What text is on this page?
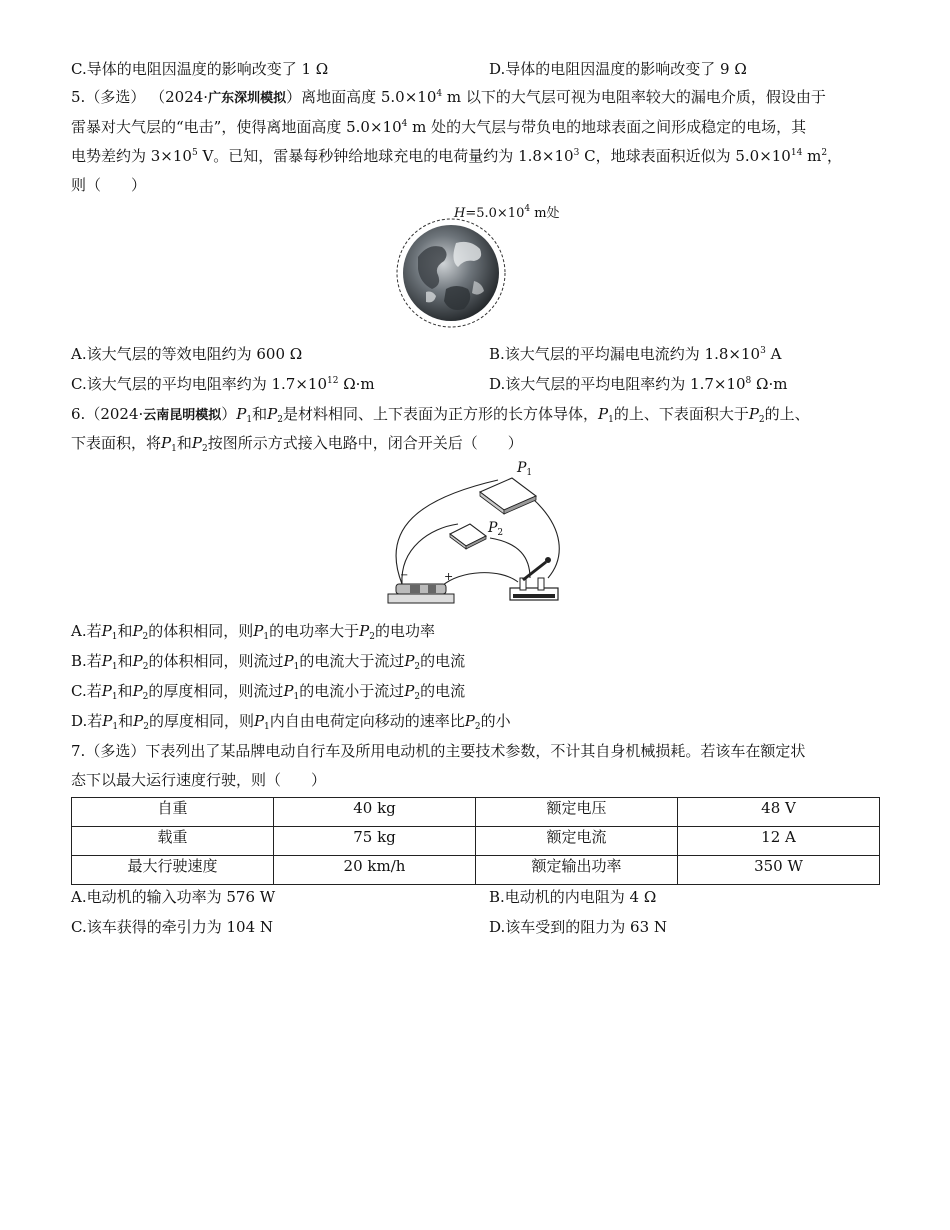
C.导体的电阻因温度的影响改变了 1 Ω	D.导体的电阻因温度的影响改变了 9 Ω
5.（多选） （2024·广东深圳模拟）离地面高度 $5.0\times 10^4$ m 以下的大气层可视为电阻率较大的漏电介质，假设由于
雷暴对大气层的“电击”，使得离地面高度 $5.0\times 10^4$ m 处的大气层与带负电的地球表面之间形成稳定的电场，其
电势差约为 $3\times 10^5$ V。已知，雷暴每秒钟给地球充电的电荷量约为 $1.8\times 10^3$ C，地球表面积近似为 $5.0\times 10^{14}$ $m^2$，
则（　　）
$H=5.0\times 10^4$ m处
A.该大气层的等效电阻约为 600 Ω	B.该大气层的平均漏电电流约为 $1.8\times 10^3$ A
C.该大气层的平均电阻率约为 $1.7\times 10^{12}$ Ω·m	D.该大气层的平均电阻率约为 $1.7\times 10^8$ Ω·m
6.（2024·云南昆明模拟）$P_1$和$P_2$是材料相同、上下表面为正方形的长方体导体，$P_1$的上、下表面积大于$P_2$的上、
下表面积，将$P_1$和$P_2$按图所示方式接入电路中，闭合开关后（　　）
$P_1$
$P_2$
−	+
A.若$P_1$和$P_2$的体积相同，则$P_1$的电功率大于$P_2$的电功率
B.若$P_1$和$P_2$的体积相同，则流过$P_1$的电流大于流过$P_2$的电流
C.若$P_1$和$P_2$的厚度相同，则流过$P_1$的电流小于流过$P_2$的电流
D.若$P_1$和$P_2$的厚度相同，则$P_1$内自由电荷定向移动的速率比$P_2$的小
7.（多选）下表列出了某品牌电动自行车及所用电动机的主要技术参数，不计其自身机械损耗。若该车在额定状
态下以最大运行速度行驶，则（　　）
自重	40 kg	额定电压	48 V
载重	75 kg	额定电流	12 A
最大行驶速度	20 km/h	额定输出功率	350 W
A.电动机的输入功率为 576 W	B.电动机的内电阻为 4 Ω
C.该车获得的牵引力为 104 N	D.该车受到的阻力为 63 N
